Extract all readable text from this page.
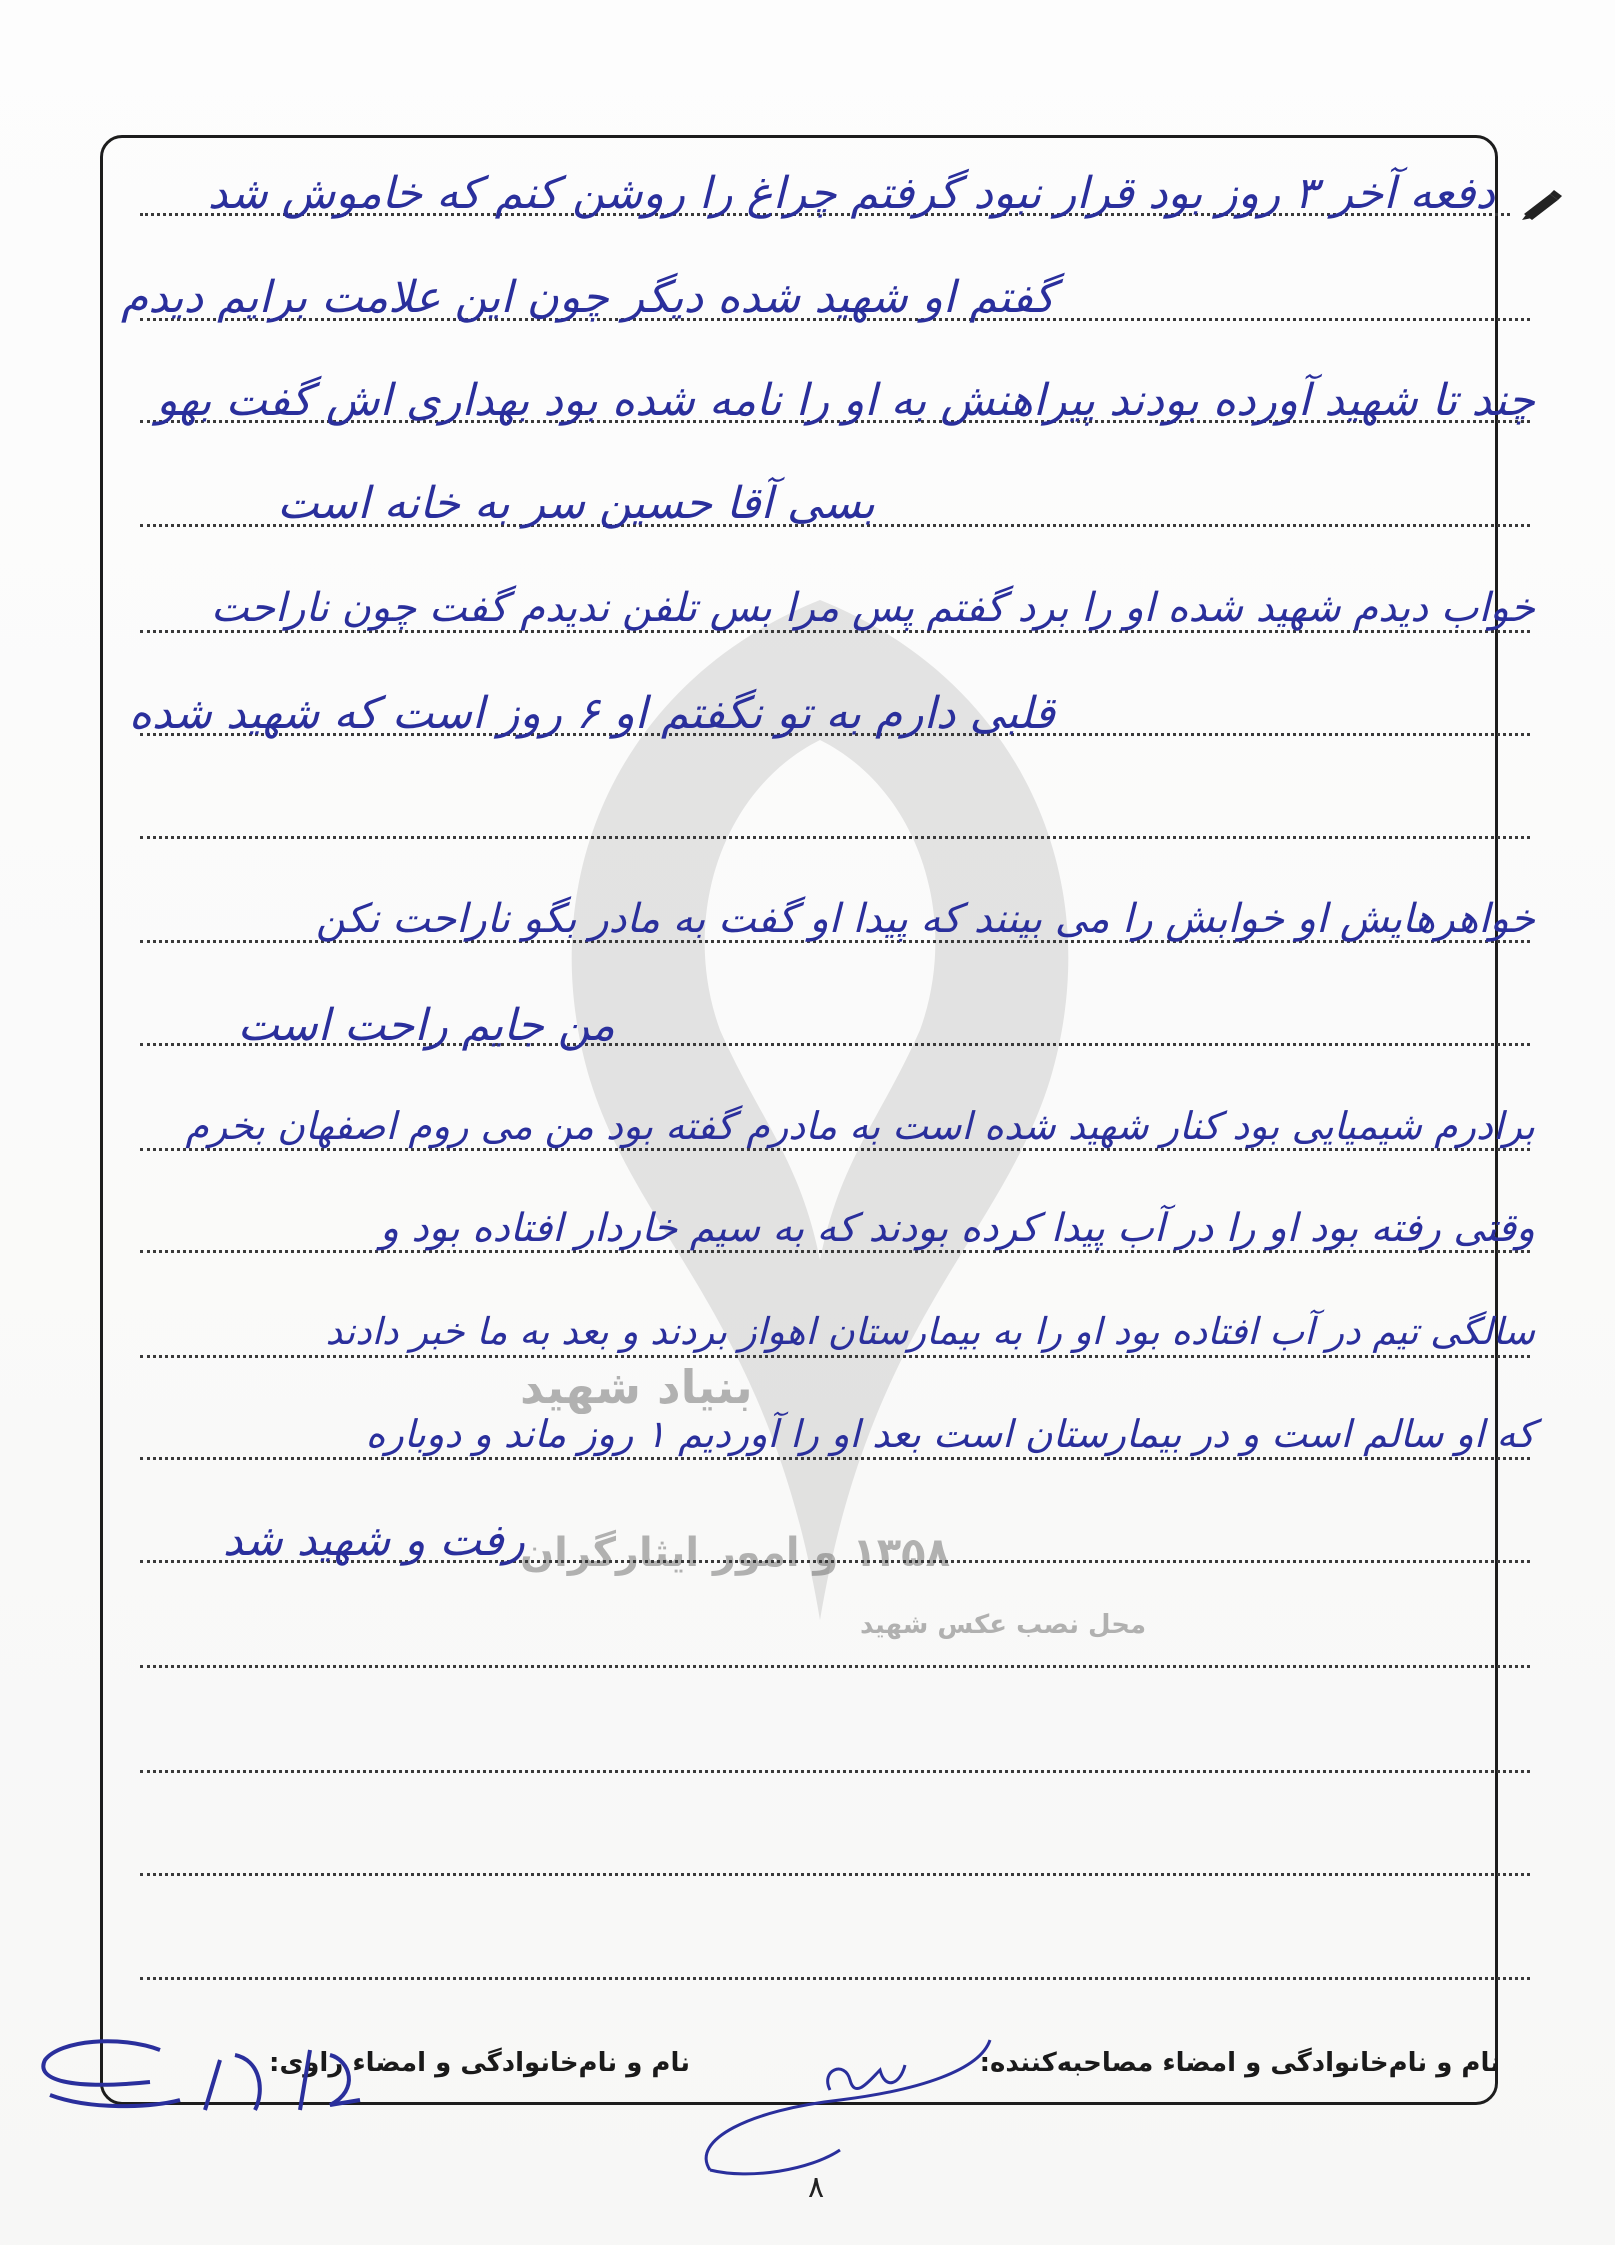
بنیاد شهید
۱۳۵۸ و امور ایثارگران
محل نصب عکس شهید
دفعه آخر ۳ روز بود قرار نبود گرفتم چراغ را روشن کنم که خاموش شد
گفتم او شهید شده دیگر چون این علامت برایم دیدم
چند تا شهید آورده بودند پیراهنش به او را نامه شده بود بهداری اش گفت بهو
بسی آقا حسین سر به خانه است
خواب دیدم شهید شده او را برد گفتم پس مرا بس تلفن ندیدم گفت چون ناراحت
قلبی دارم به تو نگفتم او ۶ روز است که شهید شده
خواهرهایش او خوابش را می بینند که پیدا او گفت به مادر بگو ناراحت نکن
من جایم راحت است
برادرم شیمیایی بود کنار شهید شده است به مادرم گفته بود من می روم اصفهان بخرم
وقتی رفته بود او را در آب پیدا کرده بودند که به سیم خاردار افتاده بود و
سالگی تیم در آب افتاده بود او را به بیمارستان اهواز بردند و بعد به ما خبر دادند
که او سالم است و در بیمارستان است بعد او را آوردیم ۱ روز ماند و دوباره
رفت و شهید شد
نام و نام‌خانوادگی و امضاء مصاحبه‌کننده:
نام و نام‌خانوادگی و امضاء راوی:
۸
